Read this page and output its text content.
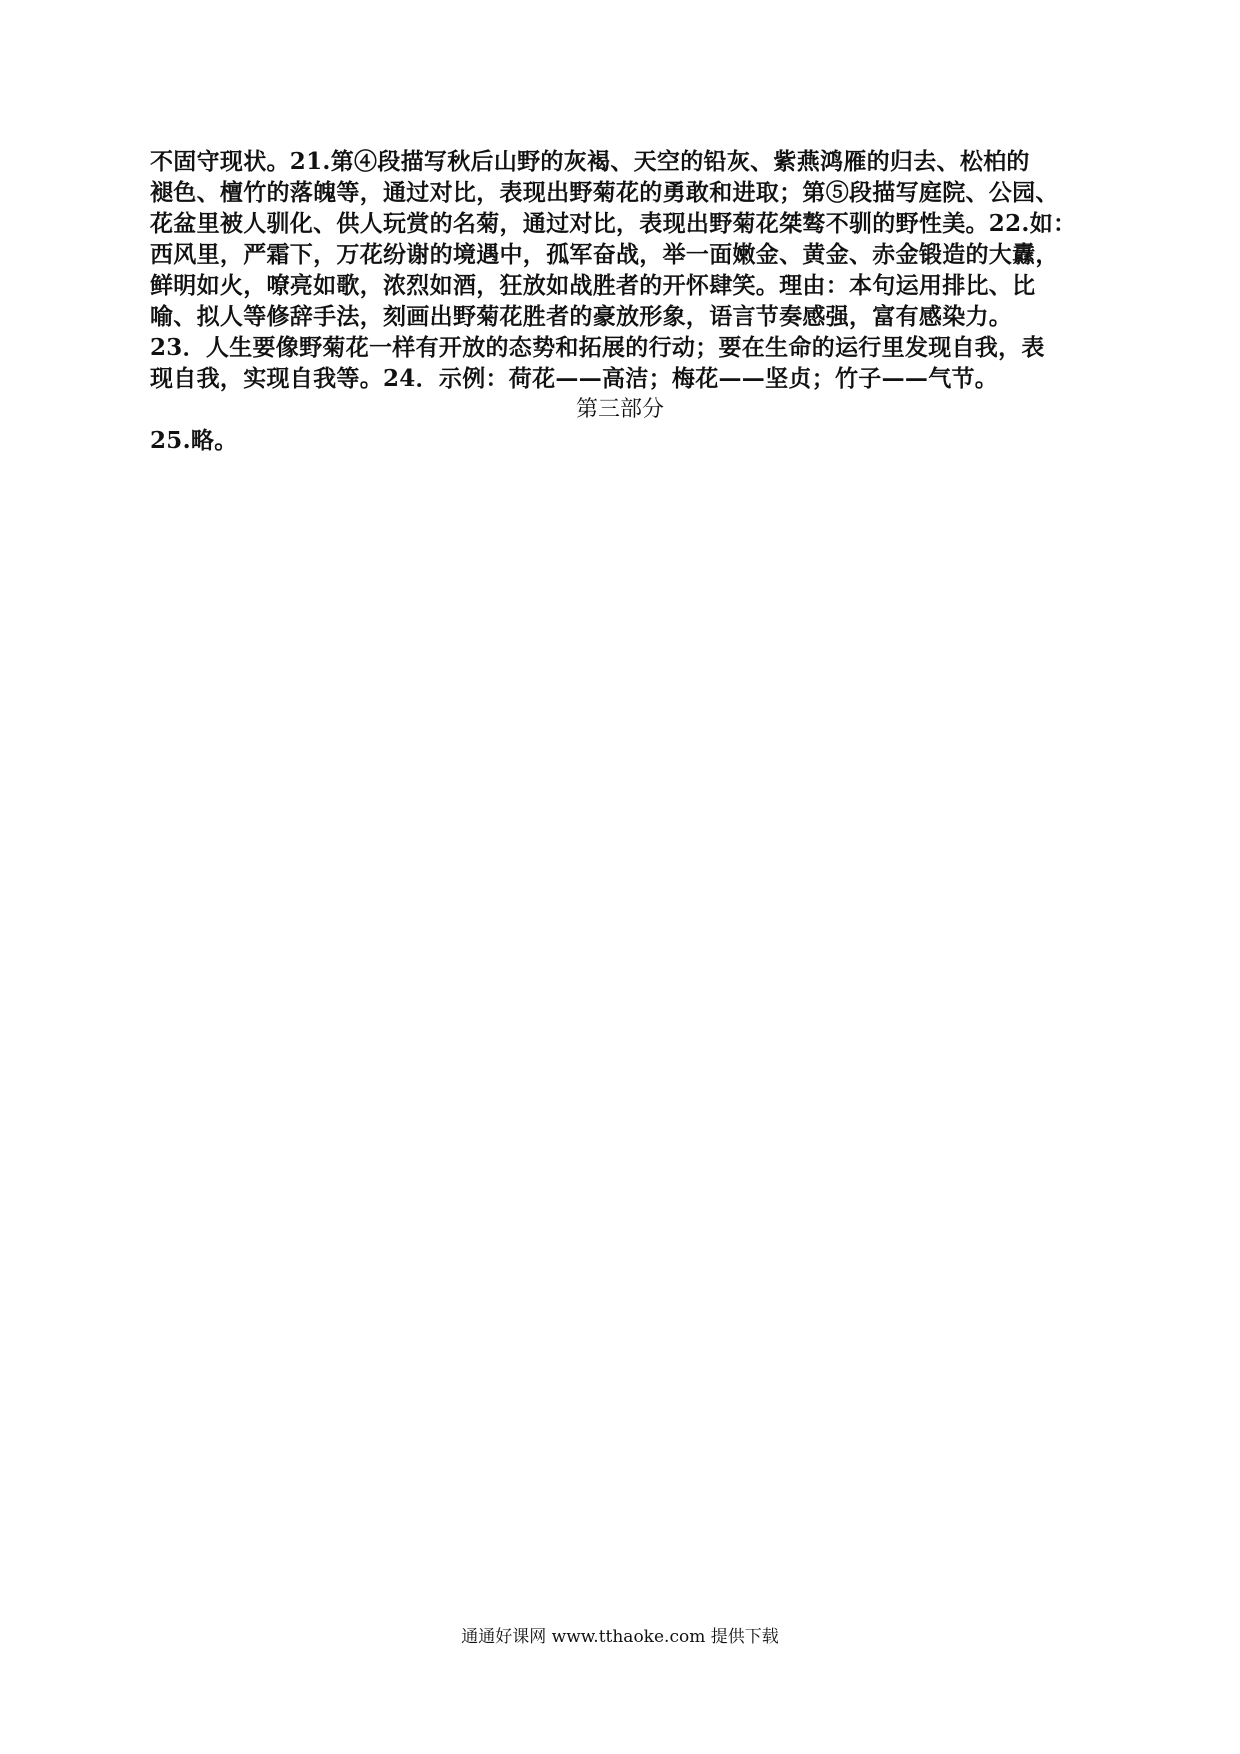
不固守现状。21.第④段描写秋后山野的灰褐、天空的铅灰、紫燕鸿雁的归去、松柏的
褪色、檀竹的落魄等，通过对比，表现出野菊花的勇敢和进取；第⑤段描写庭院、公园、
花盆里被人驯化、供人玩赏的名菊，通过对比，表现出野菊花桀骜不驯的野性美。22.如：
西风里，严霜下，万花纷谢的境遇中，孤军奋战，举一面嫩金、黄金、赤金锻造的大纛，
鲜明如火，嘹亮如歌，浓烈如酒，狂放如战胜者的开怀肆笑。理由：本句运用排比、比
喻、拟人等修辞手法，刻画出野菊花胜者的豪放形象，语言节奏感强，富有感染力。
23．人生要像野菊花一样有开放的态势和拓展的行动；要在生命的运行里发现自我，表
现自我，实现自我等。24．示例：荷花——高洁；梅花——坚贞；竹子——气节。
第三部分
25.略。
通通好课网 www.tthaoke.com 提供下载
